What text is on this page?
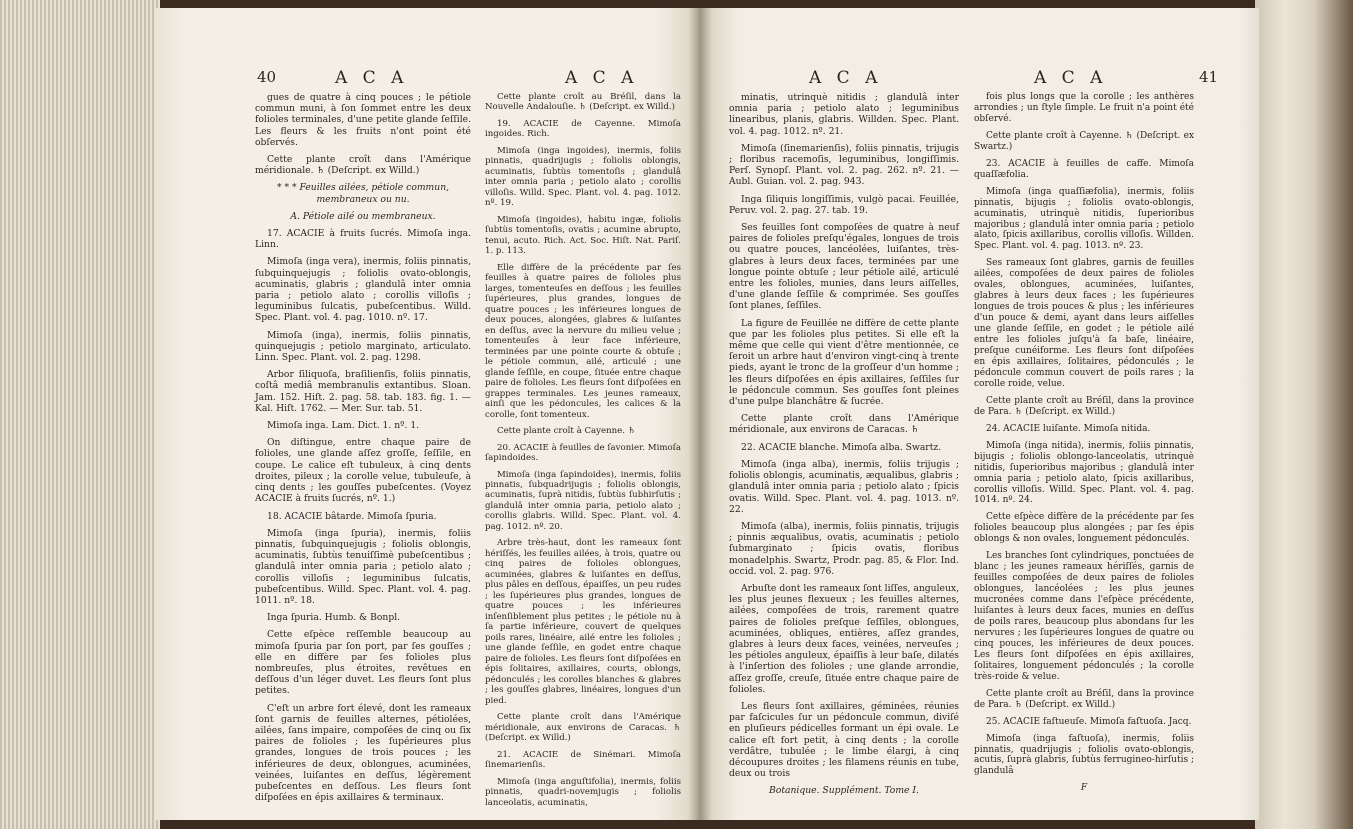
40	A C A	A C A

gues de quatre à cinq pouces ; le pétiole commun muni, à ſon ſommet entre les deux folioles terminales, d'une petite glande ſeſſile. Les fleurs & les fruits n'ont point été obſervés.

Cette plante croît dans l'Amérique méridionale. ♄ (Deſcript. ex Willd.)

* * * Feuilles ailées, pétiole commun, membraneux ou nu.

A. Pétiole ailé ou membraneux.

17. ACACIE à fruits ſucrés. Mimoſa inga. Linn.

Mimoſa (inga vera), inermis, foliis pinnatis, ſubquinquejugis ; foliolis ovato-oblongis, acuminatis, glabris ; glandulâ inter omnia paria ; petiolo alato ; corollis villoſis ; leguminibus ſulcatis, pubeſcentibus. Willd. Spec. Plant. vol. 4. pag. 1010. nº. 17.

Mimoſa (inga), inermis, foliis pinnatis, quinquejugis ; petiolo marginato, articulato. Linn. Spec. Plant. vol. 2. pag. 1298.

Arbor ſiliquoſa, braſilienſis, foliis pinnatis, coſtâ mediâ membranulis extantibus. Sloan. Jam. 152. Hiſt. 2. pag. 58. tab. 183. fig. 1. — Kal. Hiſt. 1762. — Mer. Sur. tab. 51.

Mimoſa inga. Lam. Dict. 1. nº. 1.

On diſtingue, entre chaque paire de folioles, une glande aſſez groſſe, ſeſſile, en coupe. Le calice eſt tubuleux, à cinq dents droites, pileux ; la corolle velue, tubuleuſe, à cinq dents ; les gouſſes pubeſcentes. (Voyez ACACIE à fruits ſucrés, nº. 1.)

18. ACACIE bâtarde. Mimoſa ſpuria.

Mimoſa (inga ſpuria), inermis, foliis pinnatis, ſubquinquejugis ; foliolis oblongis, acuminatis, ſubtùs tenuiſſimè pubeſcentibus ; glandulâ inter omnia paria ; petiolo alato ; corollis villoſis ; leguminibus ſulcatis, pubeſcentibus. Willd. Spec. Plant. vol. 4. pag. 1011. nº. 18.

Inga ſpuria. Humb. & Bonpl.

Cette eſpèce reſſemble beaucoup au mimoſa ſpuria par ſon port, par ſes gouſſes ; elle en diffère par ſes folioles plus nombreuſes, plus étroites, revêtues en deſſous d'un léger duvet. Les fleurs ſont plus petites.

C'eſt un arbre fort élevé, dont les rameaux ſont garnis de feuilles alternes, pétiolées, ailées, ſans impaire, compoſées de cinq ou ſix paires de folioles ; les ſupérieures plus grandes, longues de trois pouces ; les inférieures de deux, oblongues, acuminées, veinées, luiſantes en deſſus, légèrement pubeſcentes en deſſous. Les fleurs ſont diſpoſées en épis axillaires & terminaux.

Cette plante croît au Bréſil, dans la Nouvelle Andalouſie. ♄ (Deſcript. ex Willd.)

19. ACACIE de Cayenne. Mimoſa ingoides. Rich.

Mimoſa (inga ingoides), inermis, foliis pinnatis, quadrijugis ; foliolis oblongis, acuminatis, ſubtùs tomentoſis ; glandulâ inter omnia paria ; petiolo alato ; corollis villoſis. Willd. Spec. Plant. vol. 4. pag. 1012. nº. 19.

Mimoſa (ingoides), habitu ingæ, foliolis ſubtùs tomentoſis, ovatis ; acumine abrupto, tenui, acuto. Rich. Act. Soc. Hiſt. Nat. Pariſ. 1. p. 113.

Elle diffère de la précédente par ſes feuilles à quatre paires de folioles plus larges, tomenteuſes en deſſous ; les feuilles ſupérieures, plus grandes, longues de quatre pouces ; les inférieures longues de deux pouces, alongées, glabres & luiſantes en deſſus, avec la nervure du milieu velue ; tomenteuſes à leur face inférieure, terminées par une pointe courte & obtuſe ; le pétiole commun, ailé, articulé ; une glande ſeſſile, en coupe, ſituée entre chaque paire de folioles. Les fleurs ſont diſpoſées en grappes terminales. Les jeunes rameaux, ainſi que les pédoncules, les calices & la corolle, ſont tomenteux.

Cette plante croît à Cayenne. ♄

20. ACACIE à feuilles de ſavonier. Mimoſa ſapindoides.

Mimoſa (inga ſapindoides), inermis, foliis pinnatis, ſubquadrijugis ; foliolis oblongis, acuminatis, ſuprà nitidis, ſubtùs ſubhirſutis ; glandulâ inter omnia paria, petiolo alato ; corollis glabris. Willd. Spec. Plant. vol. 4. pag. 1012. nº. 20.

Arbre très-haut, dont les rameaux ſont hériſſés, les feuilles ailées, à trois, quatre ou cinq paires de folioles oblongues, acuminées, glabres & luiſantes en deſſus, plus pâles en deſſous, épaiſſes, un peu rudes ; les ſupérieures plus grandes, longues de quatre pouces ; les inférieures inſenſiblement plus petites ; le pétiole nu à ſa partie inférieure, couvert de quelques poils rares, linéaire, ailé entre les folioles ; une glande ſeſſile, en godet entre chaque paire de folioles. Les fleurs ſont diſpoſées en épis ſolitaires, axillaires, courts, oblongs, pédonculés ; les corolles blanches & glabres ; les gouſſes glabres, linéaires, longues d'un pied.

Cette plante croît dans l'Amérique méridionale, aux environs de Caracas. ♄ (Deſcript. ex Willd.)

21. ACACIE de Sinémari. Mimoſa ſinemarienſis.

Mimoſa (inga anguſtifolia), inermis, foliis pinnatis, quadri-novemjugis ; foliolis lanceolatis, acuminatis,

A C A	A C A	41

minatis, utrinquè nitidis ; glandulâ inter omnia paria ; petiolo alato ; leguminibus linearibus, planis, glabris. Willden. Spec. Plant. vol. 4. pag. 1012. nº. 21.

Mimoſa (ſinemarienſis), foliis pinnatis, trijugis ; floribus racemoſis, leguminibus, longiſſimis. Perſ. Synopſ. Plant. vol. 2. pag. 262. nº. 21. — Aubl. Guian. vol. 2. pag. 943.

Inga ſiliquis longiſſimis, vulgò pacai. Feuillée, Peruv. vol. 2. pag. 27. tab. 19.

Ses feuilles ſont compoſées de quatre à neuf paires de folioles preſqu'égales, longues de trois ou quatre pouces, lancéolées, luiſantes, très-glabres à leurs deux faces, terminées par une longue pointe obtuſe ; leur pétiole ailé, articulé entre les folioles, munies, dans leurs aiſſelles, d'une glande ſeſſile & comprimée. Ses gouſſes ſont planes, ſeſſiles.

La figure de Feuillée ne diffère de cette plante que par les folioles plus petites. Si elle eſt la même que celle qui vient d'être mentionnée, ce ſeroit un arbre haut d'environ vingt-cinq à trente pieds, ayant le tronc de la groſſeur d'un homme ; les fleurs diſpoſées en épis axillaires, ſeſſiles ſur le pédoncule commun. Ses gouſſes ſont pleines d'une pulpe blanchâtre & ſucrée.

Cette plante croît dans l'Amérique méridionale, aux environs de Caracas. ♄

22. ACACIE blanche. Mimoſa alba. Swartz.

Mimoſa (inga alba), inermis, foliis trijugis ; foliolis oblongis, acuminatis, æqualibus, glabris ; glandulâ inter omnia paria ; petiolo alato ; ſpicis ovatis. Willd. Spec. Plant. vol. 4. pag. 1013. nº. 22.

Mimoſa (alba), inermis, foliis pinnatis, trijugis ; pinnis æqualibus, ovatis, acuminatis ; petiolo ſubmarginato ; ſpicis ovatis, floribus monadelphis. Swartz, Prodr. pag. 85, & Flor. Ind. occid. vol. 2. pag. 976.

Arbuſte dont les rameaux ſont liſſes, anguleux, les plus jeunes flexueux ; les feuilles alternes, ailées, compoſées de trois, rarement quatre paires de folioles preſque ſeſſiles, oblongues, acuminées, obliques, entières, aſſez grandes, glabres à leurs deux faces, veinées, nerveuſes ; les pétioles anguleux, épaiſſis à leur baſe, dilatés à l'inſertion des folioles ; une glande arrondie, aſſez groſſe, creuſe, ſituée entre chaque paire de folioles.

Les fleurs ſont axillaires, géminées, réunies par faſcicules ſur un pédoncule commun, diviſé en pluſieurs pédicelles formant un épi ovale. Le calice eſt fort petit, à cinq dents ; la corolle verdâtre, tubulée ; le limbe élargi, à cinq découpures droites ; les filamens réunis en tube, deux ou trois

Botanique. Supplément. Tome I.

fois plus longs que la corolle ; les anthères arrondies ; un ſtyle ſimple. Le fruit n'a point été obſervé.

Cette plante croît à Cayenne. ♄ (Deſcript. ex Swartz.)

23. ACACIE à feuilles de caffe. Mimoſa quaſſæfolia.

Mimoſa (inga quaſſiæfolia), inermis, foliis pinnatis, bijugis ; foliolis ovato-oblongis, acuminatis, utrinquè nitidis, ſuperioribus majoribus ; glandulâ inter omnia paria ; petiolo alato, ſpicis axillaribus, corollis villoſis. Willden. Spec. Plant. vol. 4. pag. 1013. nº. 23.

Ses rameaux ſont glabres, garnis de feuilles ailées, compoſées de deux paires de folioles ovales, oblongues, acuminées, luiſantes, glabres à leurs deux faces ; les ſupérieures longues de trois pouces & plus ; les inférieures d'un pouce & demi, ayant dans leurs aiſſelles une glande ſeſſile, en godet ; le pétiole ailé entre les folioles juſqu'à ſa baſe, linéaire, preſque cunéiforme. Les fleurs ſont diſpoſées en épis axillaires, ſolitaires, pédonculés ; le pédoncule commun couvert de poils rares ; la corolle roide, velue.

Cette plante croît au Bréſil, dans la province de Para. ♄ (Deſcript. ex Willd.)

24. ACACIE luiſante. Mimoſa nitida.

Mimoſa (inga nitida), inermis, foliis pinnatis, bijugis ; foliolis oblongo-lanceolatis, utrinquè nitidis, ſuperioribus majoribus ; glandulâ inter omnia paria ; petiolo alato, ſpicis axillaribus, corollis villoſis. Willd. Spec. Plant. vol. 4. pag. 1014. nº. 24.

Cette eſpèce diffère de la précédente par ſes folioles beaucoup plus alongées ; par ſes épis oblongs & non ovales, longuement pédonculés.

Les branches ſont cylindriques, ponctuées de blanc ; les jeunes rameaux hériſſés, garnis de feuilles compoſées de deux paires de folioles oblongues, lancéolées ; les plus jeunes mucronées comme dans l'eſpèce précédente, luiſantes à leurs deux faces, munies en deſſus de poils rares, beaucoup plus abondans ſur les nervures ; les ſupérieures longues de quatre ou cinq pouces, les inférieures de deux pouces. Les fleurs ſont diſpoſées en épis axillaires, ſolitaires, longuement pédonculés ; la corolle très-roide & velue.

Cette plante croît au Bréſil, dans la province de Para. ♄ (Deſcript. ex Willd.)

25. ACACIE faſtueuſe. Mimoſa faſtuoſa. Jacq.

Mimoſa (inga faſtuoſa), inermis, foliis pinnatis, quadrijugis ; foliolis ovato-oblongis, acutis, ſuprà glabris, ſubtùs ferrugineo-hirſutis ; glandulâ

F
